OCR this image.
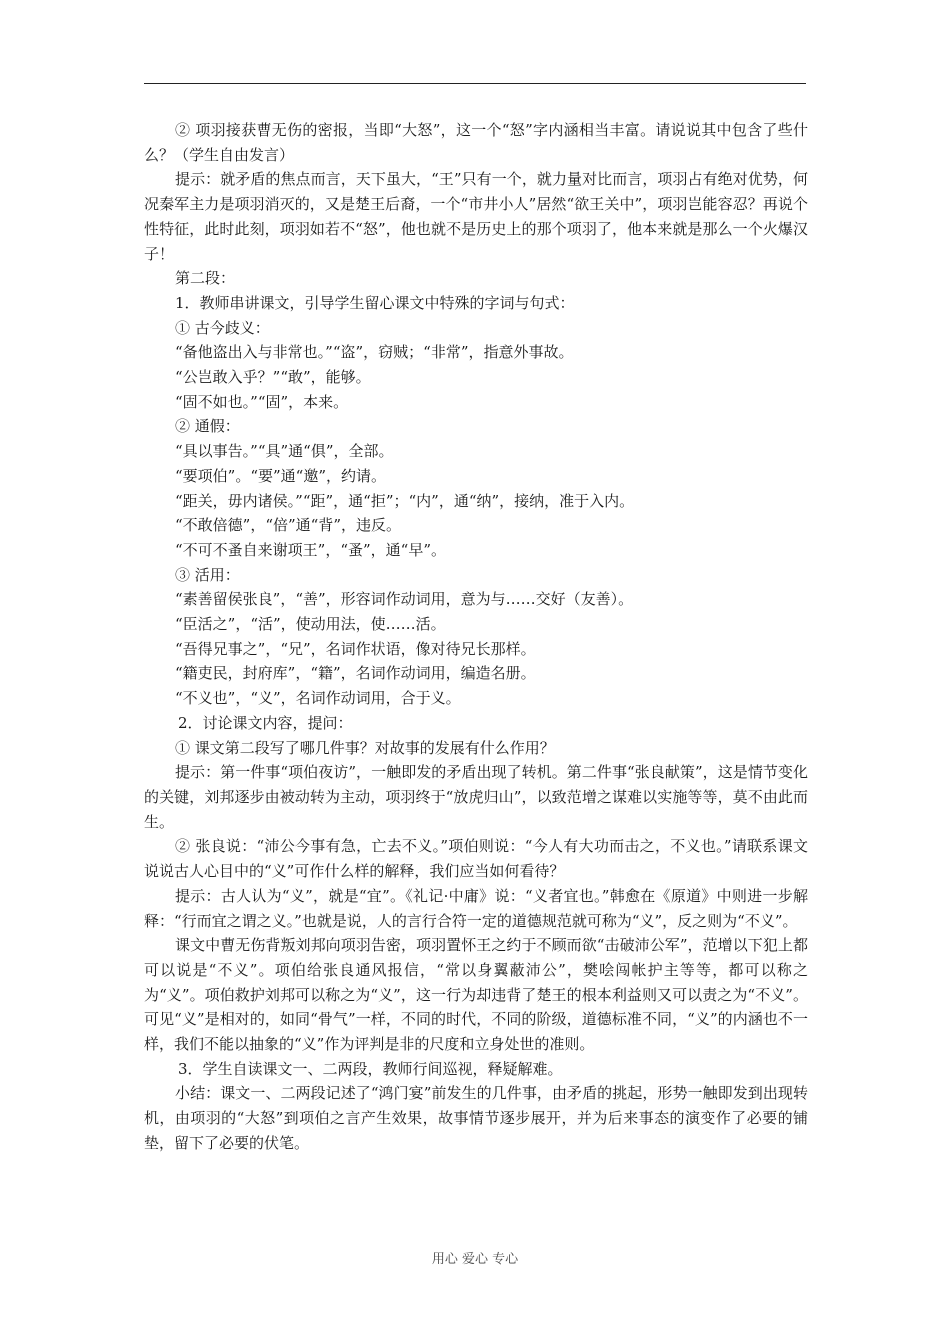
② 项羽接获曹无伤的密报，当即“大怒”，这一个“怒”字内涵相当丰富。请说说其中包含了些什么？（学生自由发言）

提示：就矛盾的焦点而言，天下虽大，“王”只有一个，就力量对比而言，项羽占有绝对优势，何况秦军主力是项羽消灭的，又是楚王后裔，一个“市井小人”居然“欲王关中”，项羽岂能容忍？再说个性特征，此时此刻，项羽如若不“怒”，他也就不是历史上的那个项羽了，他本来就是那么一个火爆汉子！

第二段：

1．教师串讲课文，引导学生留心课文中特殊的字词与句式：

① 古今歧义：

“备他盗出入与非常也。”“盗”，窃贼；“非常”，指意外事故。

“公岂敢入乎？”“敢”，能够。

“固不如也。”“固”，本来。

② 通假：

“具以事告。”“具”通“俱”，全部。

“要项伯”。“要”通“邀”，约请。

“距关，毋内诸侯。”“距”，通“拒”；“内”，通“纳”，接纳，准于入内。

“不敢倍德”，“倍”通“背”，违反。

“不可不蚤自来谢项王”，“蚤”，通“早”。

③ 活用：

“素善留侯张良”，“善”，形容词作动词用，意为与……交好（友善）。

“臣活之”，“活”，使动用法，使……活。

“吾得兄事之”，“兄”，名词作状语，像对待兄长那样。

“籍吏民，封府库”，“籍”，名词作动词用，编造名册。

“不义也”，“义”，名词作动词用，合于义。

2．讨论课文内容，提问：

① 课文第二段写了哪几件事？对故事的发展有什么作用？

提示：第一件事“项伯夜访”，一触即发的矛盾出现了转机。第二件事“张良献策”，这是情节变化的关键，刘邦逐步由被动转为主动，项羽终于“放虎归山”，以致范增之谋难以实施等等，莫不由此而生。

② 张良说：“沛公今事有急，亡去不义。”项伯则说：“今人有大功而击之，不义也。”请联系课文说说古人心目中的“义”可作什么样的解释，我们应当如何看待？

提示：古人认为“义”，就是“宜”。《礼记·中庸》说：“义者宜也。”韩愈在《原道》中则进一步解释：“行而宜之谓之义。”也就是说，人的言行合符一定的道德规范就可称为“义”，反之则为“不义”。

课文中曹无伤背叛刘邦向项羽告密，项羽置怀王之约于不顾而欲“击破沛公军”，范增以下犯上都可以说是“不义”。项伯给张良通风报信，“常以身翼蔽沛公”，樊哙闯帐护主等等，都可以称之为“义”。项伯救护刘邦可以称之为“义”，这一行为却违背了楚王的根本利益则又可以责之为“不义”。可见“义”是相对的，如同“骨气”一样，不同的时代，不同的阶级，道德标准不同，“义”的内涵也不一样，我们不能以抽象的“义”作为评判是非的尺度和立身处世的准则。

3．学生自读课文一、二两段，教师行间巡视，释疑解难。

小结：课文一、二两段记述了“鸿门宴”前发生的几件事，由矛盾的挑起，形势一触即发到出现转机，由项羽的“大怒”到项伯之言产生效果，故事情节逐步展开，并为后来事态的演变作了必要的铺垫，留下了必要的伏笔。

用心 爱心 专心
